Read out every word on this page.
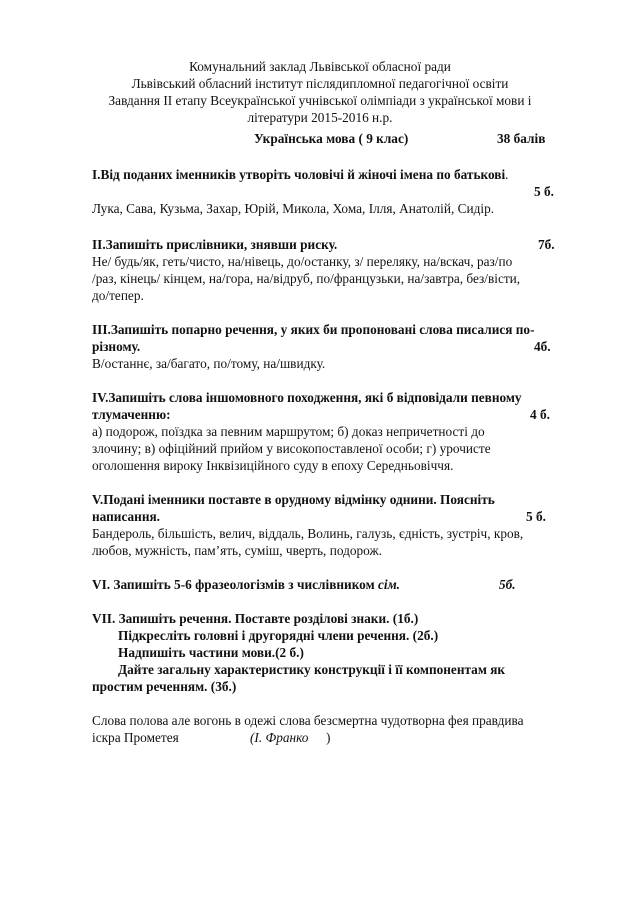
Комунальний заклад Львівської обласної ради
Львівський обласний інститут післядипломної педагогічної освіти
Завдання ІІ етапу Всеукраїнської учнівської олімпіади з української мови і
літератури 2015-2016 н.р.
Українська мова ( 9 клас)	38 балів
І.Від поданих іменників утворіть чоловічі й жіночі імена по батькові.
5 б.
Лука, Сава, Кузьма, Захар, Юрій, Микола, Хома, Ілля, Анатолій, Сидір.
ІІ.Запишіть прислівники, знявши риску.	7б.
Не/ будь/як, геть/чисто, на/нівець, до/останку, з/ переляку, на/вскач, раз/по
/раз, кінець/ кінцем, на/гора, на/відруб, по/французьки, на/завтра, без/вісти,
до/тепер.
ІІІ.Запишіть попарно речення, у яких би пропоновані слова писалися по-
різному.	4б.
В/останнє, за/багато, по/тому, на/швидку.
ІV.Запишіть слова іншомовного походження, які б відповідали певному
тлумаченню:	4 б.
а) подорож, поїздка за певним маршрутом; б) доказ непричетності до
злочину; в) офіційний прийом у високопоставленої особи; г) урочисте
оголошення вироку Інквізиційного суду в епоху Середньовіччя.
V.Подані іменники поставте в орудному відмінку однини. Поясніть
написання.	5 б.
Бандероль, більшість, велич, віддаль, Волинь, галузь, єдність, зустріч, кров,
любов, мужність, пам’ять, суміш, чверть, подорож.
VІ. Запишіть 5-6 фразеологізмів з числівником сім.	5б.
VІІ. Запишіть речення. Поставте розділові знаки. (1б.)
Підкресліть головні і другорядні члени речення. (2б.)
Надпишіть частини мови.(2 б.)
Дайте загальну характеристику конструкції і її компонентам як
простим реченням. (3б.)
Слова полова але вогонь в одежі слова безсмертна чудотворна фея правдива
іскра Прометея	(І. Франко )
